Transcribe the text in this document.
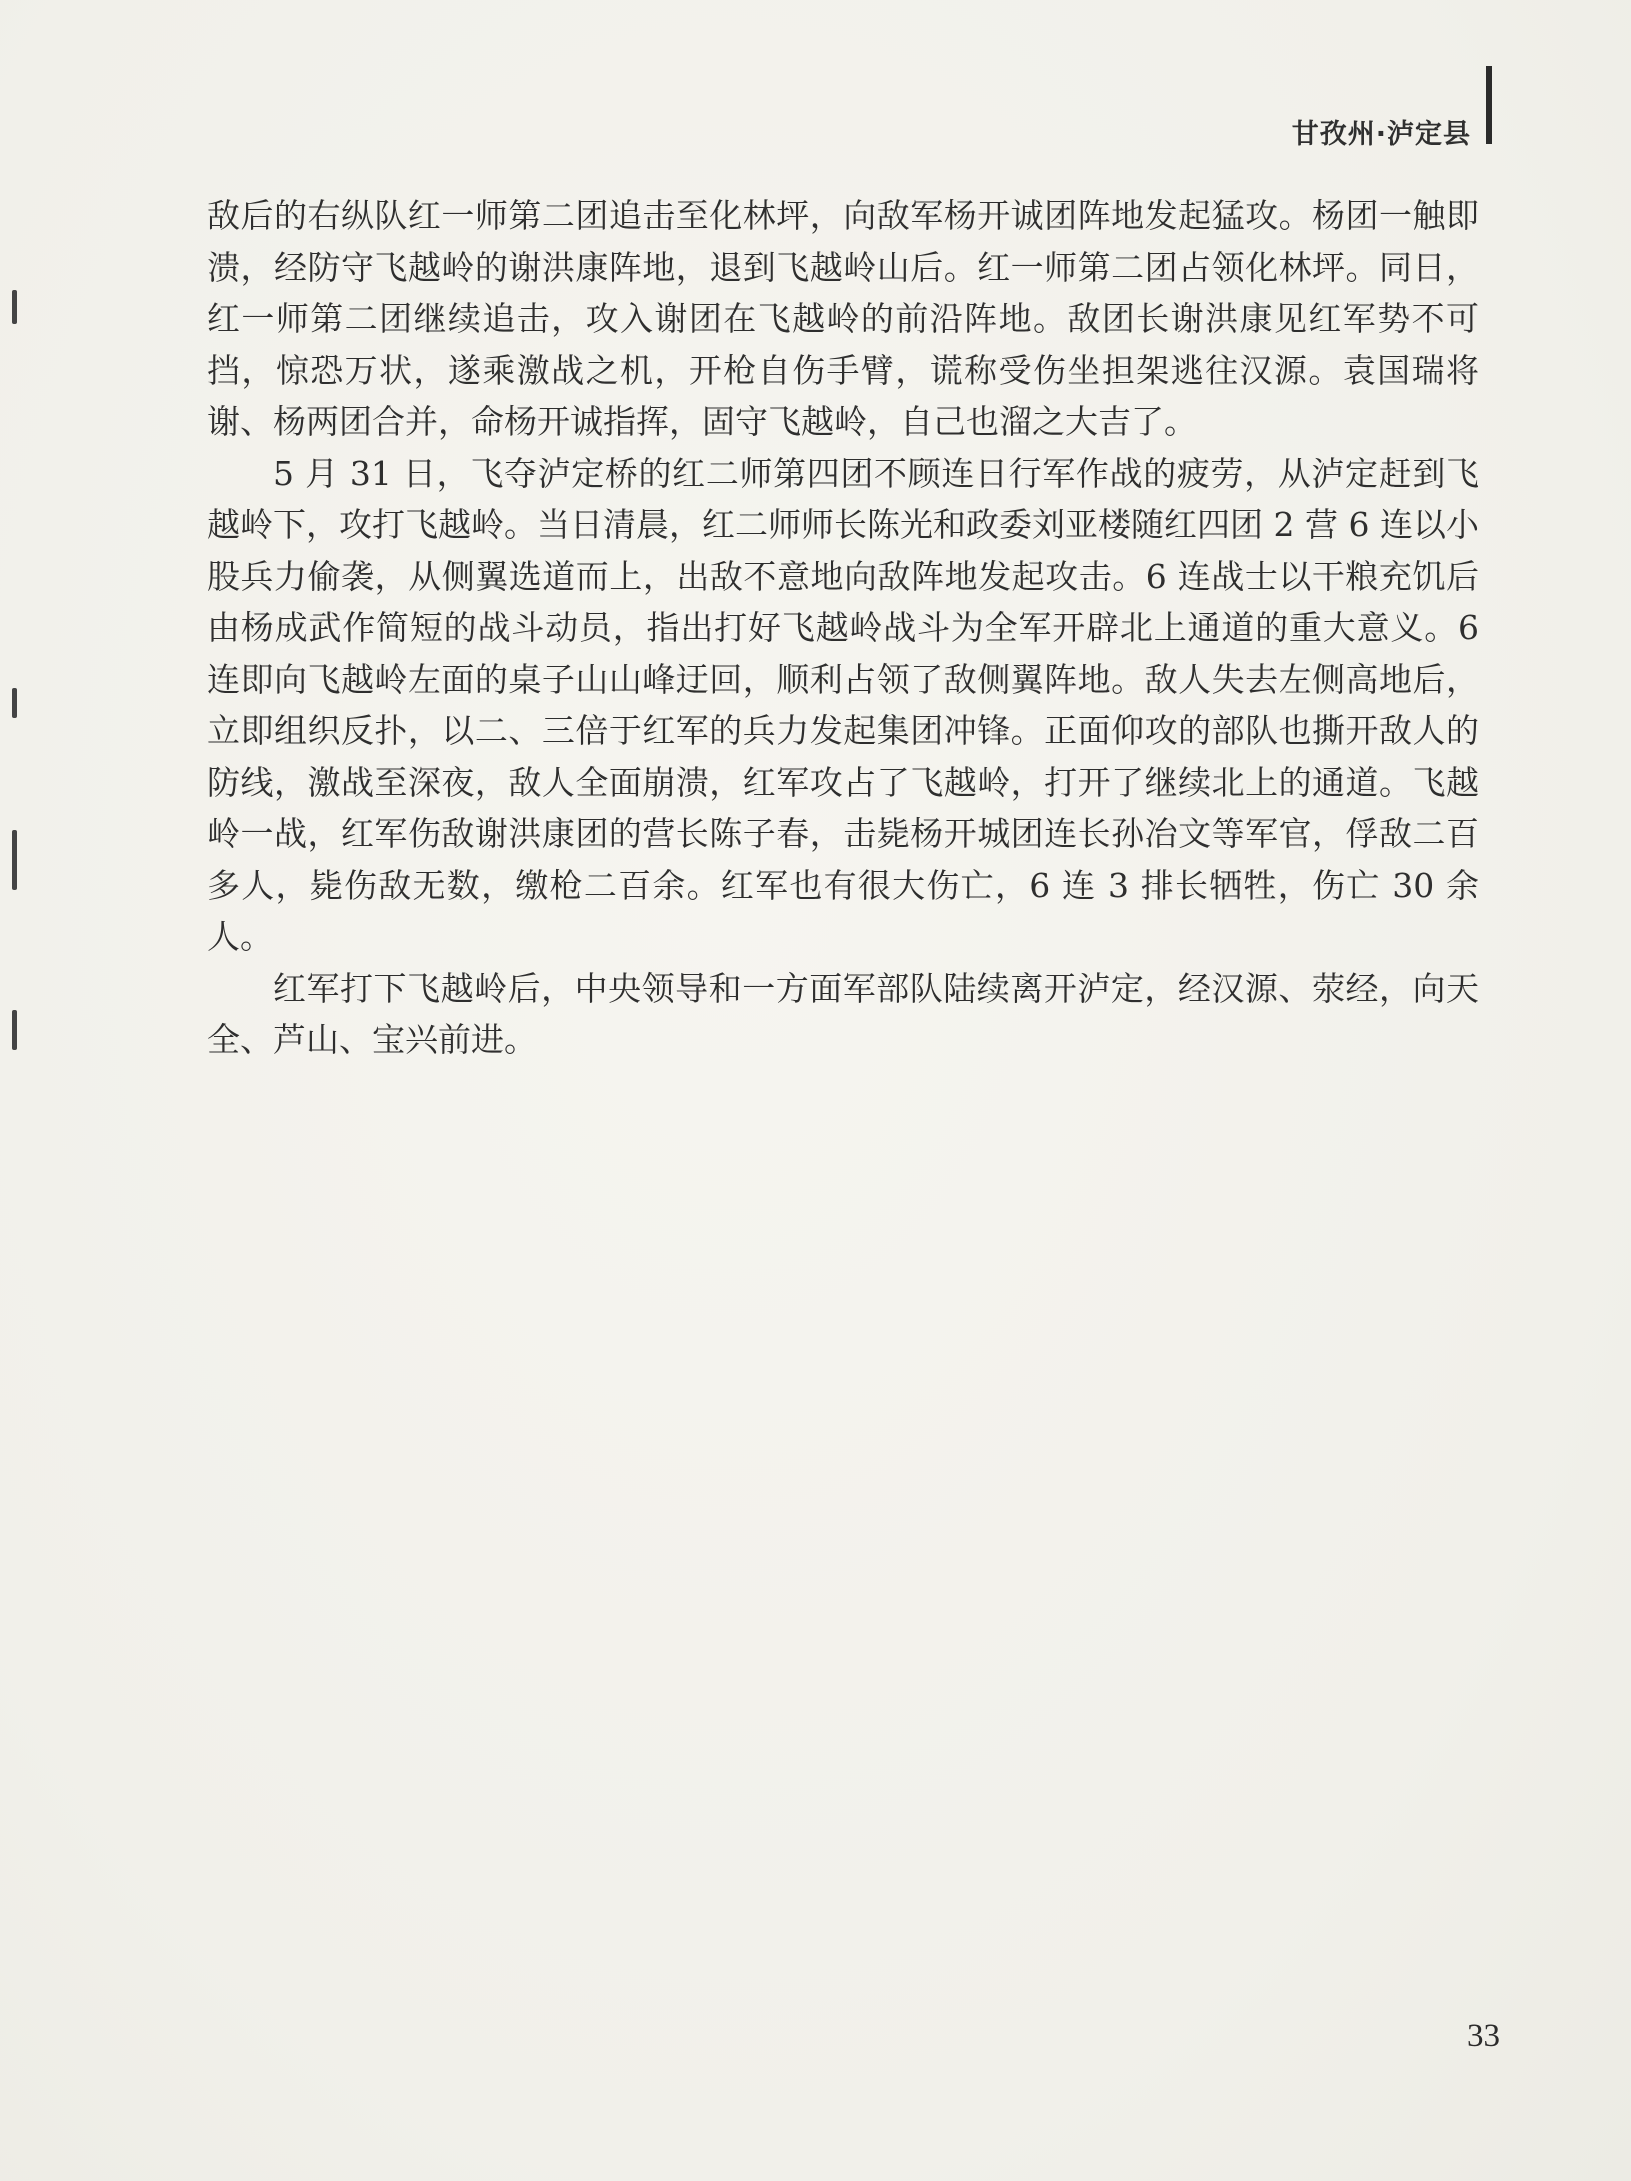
甘孜州·泸定县

敌后的右纵队红一师第二团追击至化林坪，向敌军杨开诚团阵地发起猛攻。杨团一触即溃，经防守飞越岭的谢洪康阵地，退到飞越岭山后。红一师第二团占领化林坪。同日，红一师第二团继续追击，攻入谢团在飞越岭的前沿阵地。敌团长谢洪康见红军势不可挡，惊恐万状，遂乘激战之机，开枪自伤手臂，谎称受伤坐担架逃往汉源。袁国瑞将谢、杨两团合并，命杨开诚指挥，固守飞越岭，自己也溜之大吉了。

5 月 31 日，飞夺泸定桥的红二师第四团不顾连日行军作战的疲劳，从泸定赶到飞越岭下，攻打飞越岭。当日清晨，红二师师长陈光和政委刘亚楼随红四团 2 营 6 连以小股兵力偷袭，从侧翼选道而上，出敌不意地向敌阵地发起攻击。6 连战士以干粮充饥后由杨成武作简短的战斗动员，指出打好飞越岭战斗为全军开辟北上通道的重大意义。6 连即向飞越岭左面的桌子山山峰迂回，顺利占领了敌侧翼阵地。敌人失去左侧高地后，立即组织反扑，以二、三倍于红军的兵力发起集团冲锋。正面仰攻的部队也撕开敌人的防线，激战至深夜，敌人全面崩溃，红军攻占了飞越岭，打开了继续北上的通道。飞越岭一战，红军伤敌谢洪康团的营长陈子春，击毙杨开城团连长孙冶文等军官，俘敌二百多人，毙伤敌无数，缴枪二百余。红军也有很大伤亡，6 连 3 排长牺牲，伤亡 30 余人。

红军打下飞越岭后，中央领导和一方面军部队陆续离开泸定，经汉源、荥经，向天全、芦山、宝兴前进。

33
